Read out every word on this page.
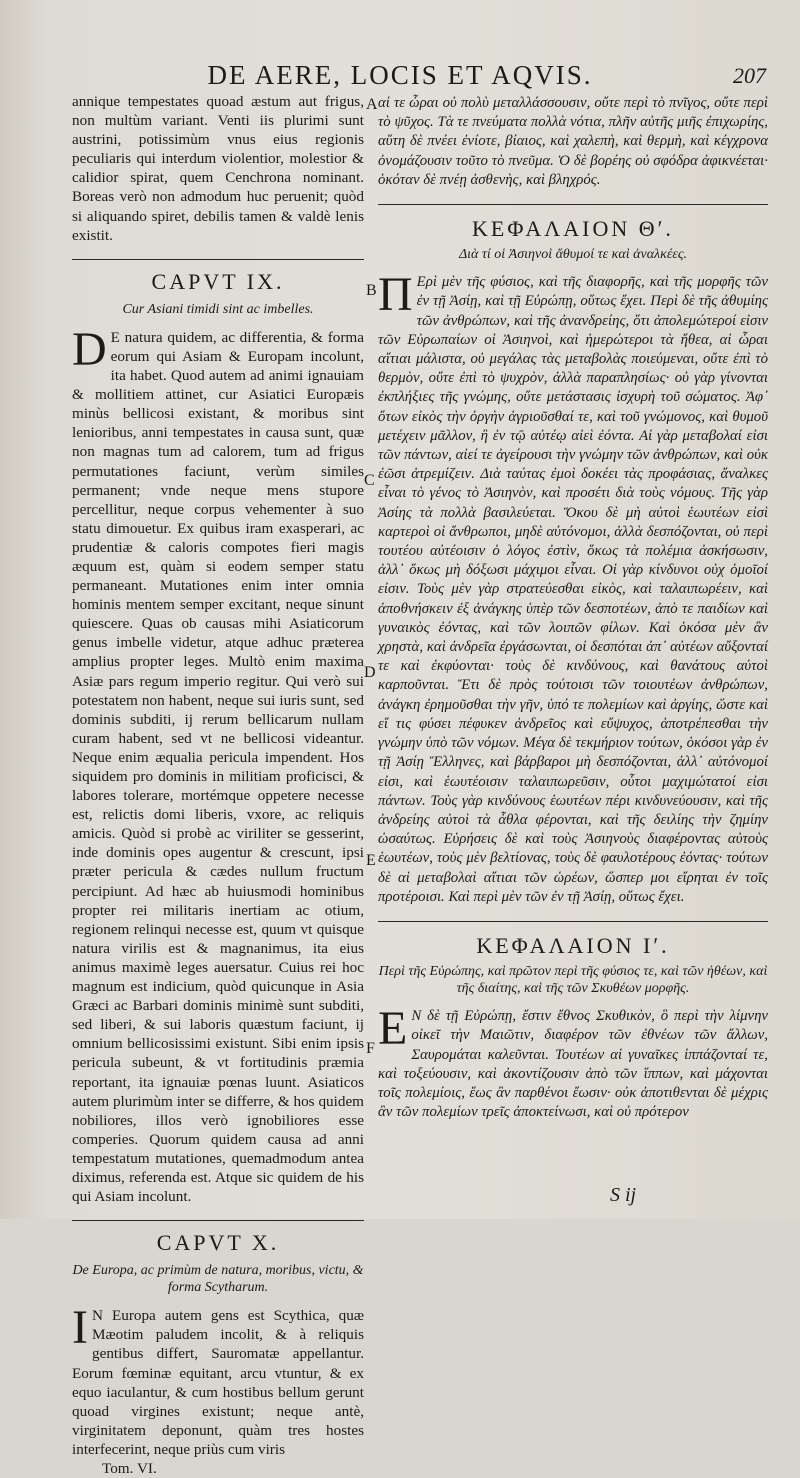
DE AERE, LOCIS ET AQVIS.	207
A
B
C
D
E
F

annique tempestates quoad æstum aut frigus, non multùm variant. Venti iis plurimi sunt austrini, potissimùm vnus eius regionis peculiaris qui interdum violentior, molestior & calidior spirat, quem Cenchrona nominant. Boreas verò non admodum huc peruenit; quòd si aliquando spiret, debilis tamen & valdè lenis existit.

CAPVT IX.
Cur Asiani timidi sint ac imbelles.

D E natura quidem, ac differentia, & forma eorum qui Asiam & Europam incolunt, ita habet. Quod autem ad animi ignauiam & mollitiem attinet, cur Asiatici Europæis minùs bellicosi existant, & moribus sint lenioribus, anni tempestates in causa sunt, quæ non magnas tum ad calorem, tum ad frigus permutationes faciunt, verùm similes permanent; vnde neque mens stupore percellitur, neque corpus vehementer à suo statu dimouetur. Ex quibus iram exasperari, ac prudentiæ & caloris compotes fieri magis æquum est, quàm si eodem semper statu permaneant. Mutationes enim inter omnia hominis mentem semper excitant, neque sinunt quiescere. Quas ob causas mihi Asiaticorum genus imbelle videtur, atque adhuc præterea amplius propter leges. Multò enim maxima Asiæ pars regum imperio regitur. Qui verò sui potestatem non habent, neque sui iuris sunt, sed dominis subditi, ij rerum bellicarum nullam curam habent, sed vt ne bellicosi videantur. Neque enim æqualia pericula impendent. Hos siquidem pro dominis in militiam proficisci, & labores tolerare, mortémque oppetere necesse est, relictis domi liberis, vxore, ac reliquis amicis. Quòd si probè ac viriliter se gesserint, inde dominis opes augentur & crescunt, ipsi præter pericula & cædes nullum fructum percipiunt. Ad hæc ab huiusmodi hominibus propter rei militaris inertiam ac otium, regionem relinqui necesse est, quum vt quisque natura virilis est & magnanimus, ita eius animus maximè leges auersatur. Cuius rei hoc magnum est indicium, quòd quicunque in Asia Græci ac Barbari dominis minimè sunt subditi, sed liberi, & sui laboris quæstum faciunt, ij omnium bellicosissimi existunt. Sibi enim ipsis pericula subeunt, & vt fortitudinis præmia reportant, ita ignauiæ pœnas luunt. Asiaticos autem plurimùm inter se differre, & hos quidem nobiliores, illos verò ignobiliores esse comperies. Quorum quidem causa ad anni tempestatum mutationes, quemadmodum antea diximus, referenda est. Atque sic quidem de his qui Asiam incolunt.

CAPVT X.
De Europa, ac primùm de natura, moribus, victu, & forma Scytharum.

I N Europa autem gens est Scythica, quæ Mæotim paludem incolit, & à reliquis gentibus differt, Sauromatæ appellantur. Eorum fœminæ equitant, arcu vtuntur, & ex equo iaculantur, & cum hostibus bellum gerunt quoad virgines existunt; neque antè, virginitatem deponunt, quàm tres hostes interfecerint, neque priùs cum viris

Tom. VI.

αἱ τε ὧραι οὐ πολὺ μεταλλάσσουσιν, οὔτε περὶ τὸ πνῖγος, οὔτε περὶ τὸ ψῦχος. Τὰ τε πνεύματα πολλὰ νότια, πλῆν αὐτῆς μιῆς ἐπιχωρίης, αὕτη δὲ πνέει ἐνίοτε, βίαιος, καὶ χαλεπὴ, καὶ θερμὴ, καὶ κέγχρονα ὀνομάζουσιν τοῦτο τὸ πνεῦμα. Ὁ δὲ βορέης οὐ σφόδρα ἀφικνέεται· ὁκόταν δὲ πνέῃ ἀσθενὴς, καὶ βληχρός.

ΚΕΦΑΛΑΙΟΝ Θʹ.
Διὰ τί οἱ Ἀσιηνοὶ ἄθυμοί τε καὶ ἀναλκέες.

Π Ερὶ μὲν τῆς φύσιος, καὶ τῆς διαφορῆς, καὶ τῆς μορφῆς τῶν ἐν τῇ Ἀσίῃ, καὶ τῇ Εὐρώπῃ, οὕτως ἔχει. Περὶ δὲ τῆς ἀθυμίης τῶν ἀνθρώπων, καὶ τῆς ἀνανδρείης, ὅτι ἀπολεμώτεροί εἰσιν τῶν Εὐρωπαίων οἱ Ἀσιηνοὶ, καὶ ἡμερώτεροι τὰ ἤθεα, αἱ ὧραι αἴτιαι μάλιστα, οὐ μεγάλας τὰς μεταβολὰς ποιεύμεναι, οὔτε ἐπὶ τὸ θερμὸν, οὔτε ἐπὶ τὸ ψυχρὸν, ἀλλὰ παραπλησίως· οὐ γὰρ γίνονται ἐκπλήξιες τῆς γνώμης, οὔτε μετάστασις ἰσχυρὴ τοῦ σώματος. Ἀφ᾽ ὅτων εἰκὸς τὴν ὀργὴν ἀγριοῦσθαί τε, καὶ τοῦ γνώμονος, καὶ θυμοῦ μετέχειν μᾶλλον, ἢ ἐν τῷ αὐτέῳ αἰεὶ ἐόντα. Αἱ γὰρ μεταβολαί εἰσι τῶν πάντων, αἰεί τε ἀγείρουσι τὴν γνώμην τῶν ἀνθρώπων, καὶ οὐκ ἐῶσι ἀτρεμίζειν. Διὰ ταύτας ἐμοὶ δοκέει τὰς προφάσιας, ἄναλκες εἶναι τὸ γένος τὸ Ἀσιηνὸν, καὶ προσέτι διὰ τοὺς νόμους. Τῆς γὰρ Ἀσίης τὰ πολλὰ βασιλεύεται. Ὅκου δὲ μὴ αὐτοὶ ἑωυτέων εἰσὶ καρτεροὶ οἱ ἄνθρωποι, μηδὲ αὐτόνομοι, ἀλλὰ δεσπόζονται, οὐ περὶ τουτέου αὐτέοισιν ὁ λόγος ἐστὶν, ὅκως τὰ πολέμια ἀσκήσωσιν, ἀλλ᾽ ὅκως μὴ δόξωσι μάχιμοι εἶναι. Οἱ γὰρ κίνδυνοι οὐχ ὁμοῖοί εἰσιν. Τοὺς μὲν γὰρ στρατεύεσθαι εἰκὸς, καὶ ταλαιπωρέειν, καὶ ἀποθνήσκειν ἐξ ἀνάγκης ὑπὲρ τῶν δεσποτέων, ἀπὸ τε παιδίων καὶ γυναικὸς ἐόντας, καὶ τῶν λοιπῶν φίλων. Καὶ ὁκόσα μὲν ἂν χρηστὰ, καὶ ἀνδρεῖα ἐργάσωνται, οἱ δεσπόται ἀπ᾽ αὐτέων αὔξονταί τε καὶ ἐκφύονται· τοὺς δὲ κινδύνους, καὶ θανάτους αὐτοὶ καρποῦνται. Ἔτι δὲ πρὸς τούτοισι τῶν τοιουτέων ἀνθρώπων, ἀνάγκη ἐρημοῦσθαι τὴν γῆν, ὑπό τε πολεμίων καὶ ἀργίης, ὥστε καὶ εἴ τις φύσει πέφυκεν ἀνδρεῖος καὶ εὔψυχος, ἀποτρέπεσθαι τὴν γνώμην ὑπὸ τῶν νόμων. Μέγα δὲ τεκμήριον τούτων, ὁκόσοι γὰρ ἐν τῇ Ἀσίῃ Ἕλληνες, καὶ βάρβαροι μὴ δεσπόζονται, ἀλλ᾽ αὐτόνομοί εἰσι, καὶ ἑωυτέοισιν ταλαιπωρεῦσιν, οὗτοι μαχιμώτατοί εἰσι πάντων. Τοὺς γὰρ κινδύνους ἑωυτέων πέρι κινδυνεύουσιν, καὶ τῆς ἀνδρείης αὐτοὶ τὰ ἆθλα φέρονται, καὶ τῆς δειλίης τὴν ζημίην ὡσαύτως. Εὑρήσεις δὲ καὶ τοὺς Ἀσιηνοὺς διαφέροντας αὐτοὺς ἑωυτέων, τοὺς μὲν βελτίονας, τοὺς δὲ φαυλοτέρους ἐόντας· τούτων δὲ αἱ μεταβολαὶ αἴτιαι τῶν ὡρέων, ὥσπερ μοι εἴρηται ἐν τοῖς προτέροισι. Καὶ περὶ μὲν τῶν ἐν τῇ Ἀσίῃ, οὕτως ἔχει.

ΚΕΦΑΛΑΙΟΝ Ιʹ.
Περὶ τῆς Εὐρώπης, καὶ πρῶτον περὶ τῆς φύσιος τε, καὶ τῶν ἠθέων, καὶ τῆς διαίτης, καὶ τῆς τῶν Σκυθέων μορφῆς.

Ε Ν δὲ τῇ Εὐρώπῃ, ἔστιν ἔθνος Σκυθικὸν, ὃ περὶ τὴν λίμνην οἰκεῖ τὴν Μαιῶτιν, διαφέρον τῶν ἐθνέων τῶν ἄλλων, Σαυρομάται καλεῦνται. Τουτέων αἱ γυναῖκες ἱππάζονταί τε, καὶ τοξεύουσιν, καὶ ἀκοντίζουσιν ἀπὸ τῶν ἵππων, καὶ μάχονται τοῖς πολεμίοις, ἕως ἂν παρθένοι ἔωσιν· οὐκ ἀποτιθενται δὲ μέχρις ἂν τῶν πολεμίων τρεῖς ἀποκτείνωσι, καὶ οὐ πρότερον

S ij
